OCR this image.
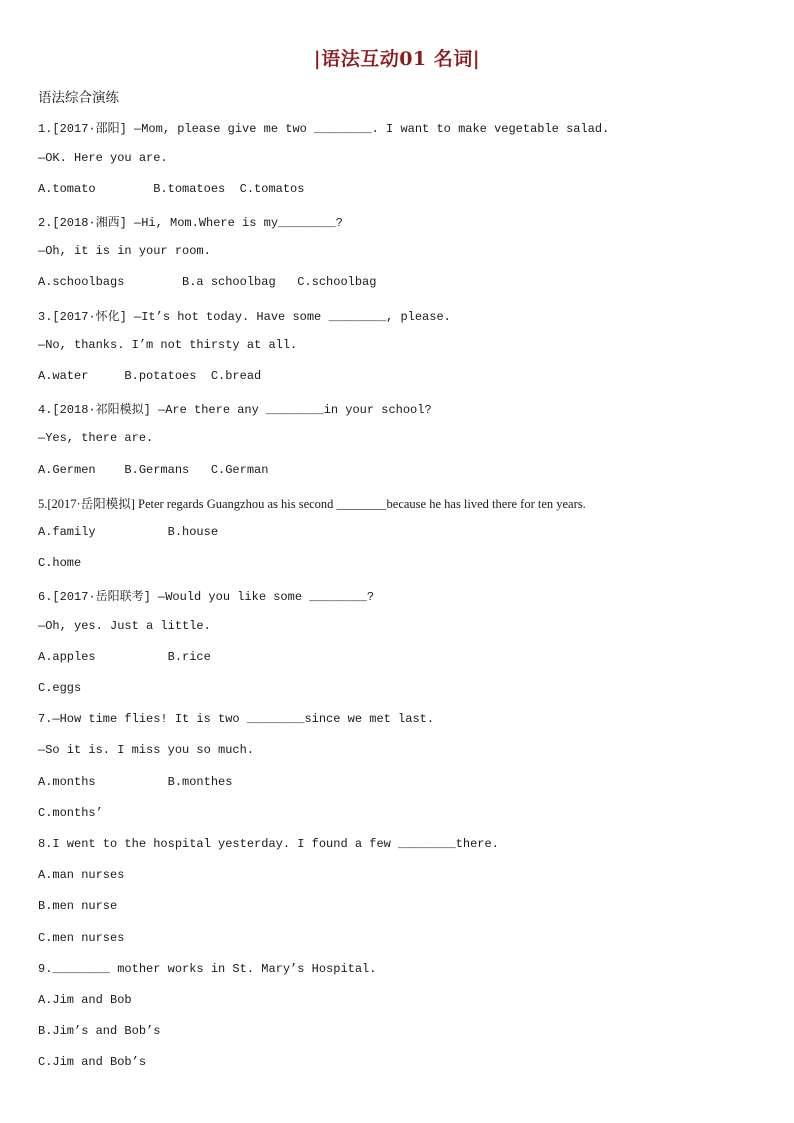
|语法互动01 名词|
语法综合演练
1.[2017·邵阳] —Mom, please give me two ________. I want to make vegetable salad.
—OK. Here you are.
A.tomato        B.tomatoes  C.tomatos
2.[2018·湘西] —Hi, Mom.Where is my________?
—Oh, it is in your room.
A.schoolbags        B.a schoolbag   C.schoolbag
3.[2017·怀化] —It’s hot today. Have some ________, please.
—No, thanks. I’m not thirsty at all.
A.water     B.potatoes  C.bread
4.[2018·祁阳模拟] —Are there any ________in your school?
—Yes, there are.
A.Germen    B.Germans   C.German
5.[2017·岳阳模拟] Peter regards Guangzhou as his second ________because he has lived there for ten years.
A.family          B.house
C.home
6.[2017·岳阳联考] —Would you like some ________?
—Oh, yes. Just a little.
A.apples          B.rice
C.eggs
7.—How time flies! It is two ________since we met last.
—So it is. I miss you so much.
A.months          B.monthes
C.months’
8.I went to the hospital yesterday. I found a few ________there.
A.man nurses
B.men nurse
C.men nurses
9.________ mother works in St. Mary’s Hospital.
A.Jim and Bob
B.Jim’s and Bob’s
C.Jim and Bob’s
